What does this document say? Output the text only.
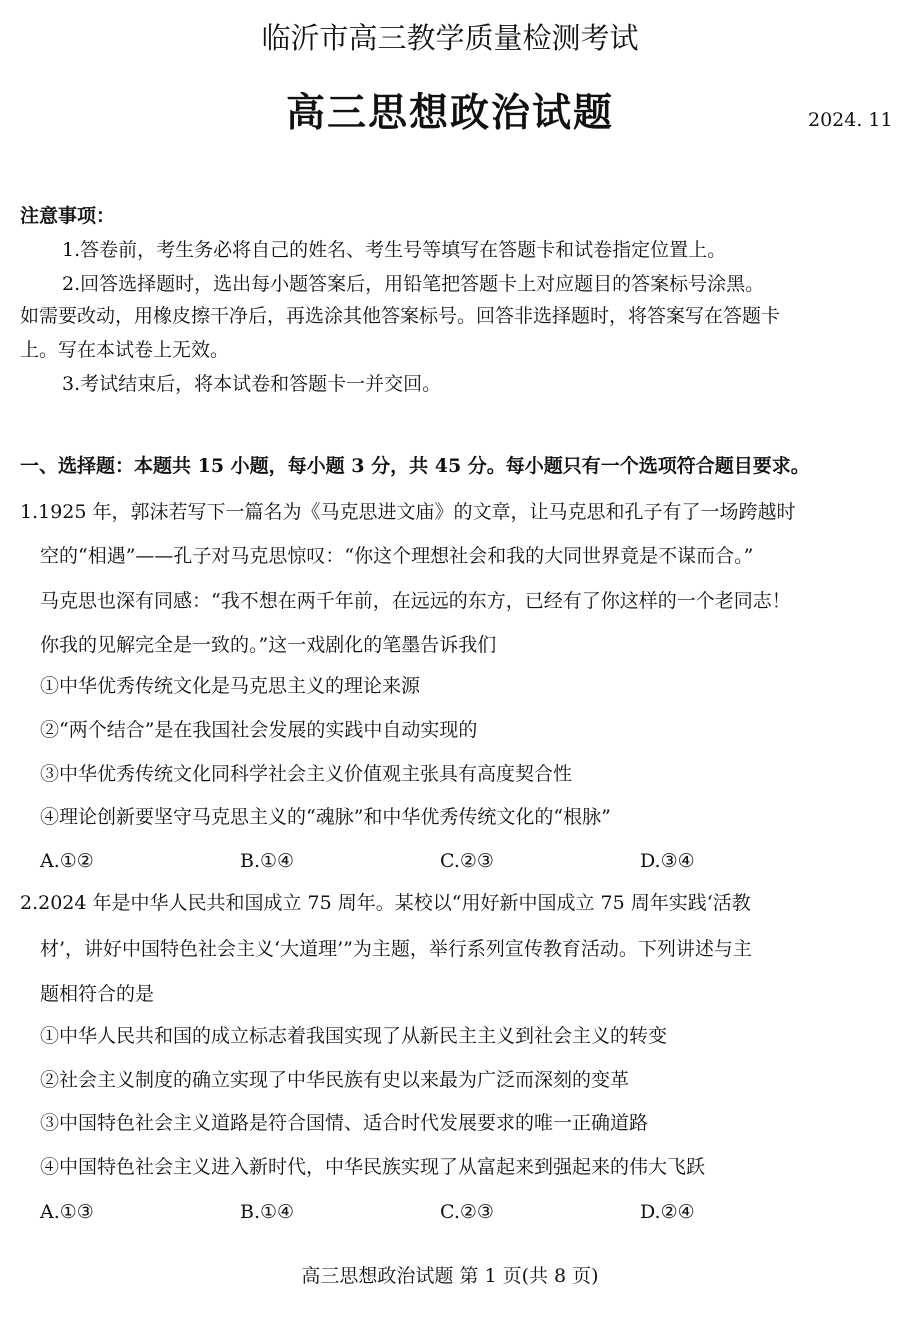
临沂市高三教学质量检测考试
高三思想政治试题	2024. 11
注意事项：
1.答卷前，考生务必将自己的姓名、考生号等填写在答题卡和试卷指定位置上。
2.回答选择题时，选出每小题答案后，用铅笔把答题卡上对应题目的答案标号涂黑。
如需要改动，用橡皮擦干净后，再选涂其他答案标号。回答非选择题时，将答案写在答题卡
上。写在本试卷上无效。
3.考试结束后，将本试卷和答题卡一并交回。
一、选择题：本题共 15 小题，每小题 3 分，共 45 分。每小题只有一个选项符合题目要求。
1.1925 年，郭沫若写下一篇名为《马克思进文庙》的文章，让马克思和孔子有了一场跨越时
空的“相遇”——孔子对马克思惊叹：“你这个理想社会和我的大同世界竟是不谋而合。”
马克思也深有同感：“我不想在两千年前，在远远的东方，已经有了你这样的一个老同志！
你我的见解完全是一致的。”这一戏剧化的笔墨告诉我们
①中华优秀传统文化是马克思主义的理论来源
②“两个结合”是在我国社会发展的实践中自动实现的
③中华优秀传统文化同科学社会主义价值观主张具有高度契合性
④理论创新要坚守马克思主义的“魂脉”和中华优秀传统文化的“根脉”
A.①②	B.①④	C.②③	D.③④
2.2024 年是中华人民共和国成立 75 周年。某校以“用好新中国成立 75 周年实践‘活教
材’，讲好中国特色社会主义‘大道理’”为主题，举行系列宣传教育活动。下列讲述与主
题相符合的是
①中华人民共和国的成立标志着我国实现了从新民主主义到社会主义的转变
②社会主义制度的确立实现了中华民族有史以来最为广泛而深刻的变革
③中国特色社会主义道路是符合国情、适合时代发展要求的唯一正确道路
④中国特色社会主义进入新时代，中华民族实现了从富起来到强起来的伟大飞跃
A.①③	B.①④	C.②③	D.②④
高三思想政治试题 第 1 页(共 8 页)
